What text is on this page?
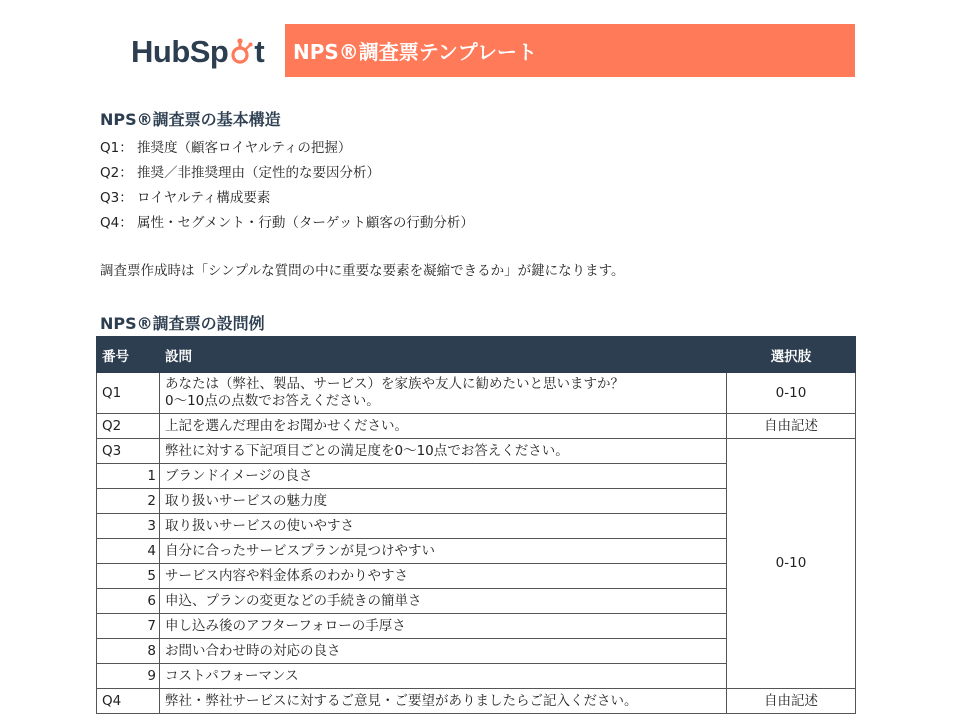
HubSp t	NPS®調査票テンプレート
NPS®調査票の基本構造
Q1： 推奨度（顧客ロイヤルティの把握）
Q2： 推奨／非推奨理由（定性的な要因分析）
Q3： ロイヤルティ構成要素
Q4： 属性・セグメント・行動（ターゲット顧客の行動分析）
調査票作成時は「シンプルな質問の中に重要な要素を凝縮できるか」が鍵になります。
NPS®調査票の設問例
番号	設問	選択肢
Q1	あなたは（弊社、製品、サービス）を家族や友人に勧めたいと思いますか？
0〜10点の点数でお答えください。	0-10
Q2	上記を選んだ理由をお聞かせください。	自由記述
Q3	弊社に対する下記項目ごとの満足度を0〜10点でお答えください。	0-10
1	ブランドイメージの良さ	
2	取り扱いサービスの魅力度	
3	取り扱いサービスの使いやすさ	
4	自分に合ったサービスプランが見つけやすい	
5	サービス内容や料金体系のわかりやすさ	
6	申込、プランの変更などの手続きの簡単さ	
7	申し込み後のアフターフォローの手厚さ	
8	お問い合わせ時の対応の良さ	
9	コストパフォーマンス	
Q4	弊社・弊社サービスに対するご意見・ご要望がありましたらご記入ください。	自由記述
